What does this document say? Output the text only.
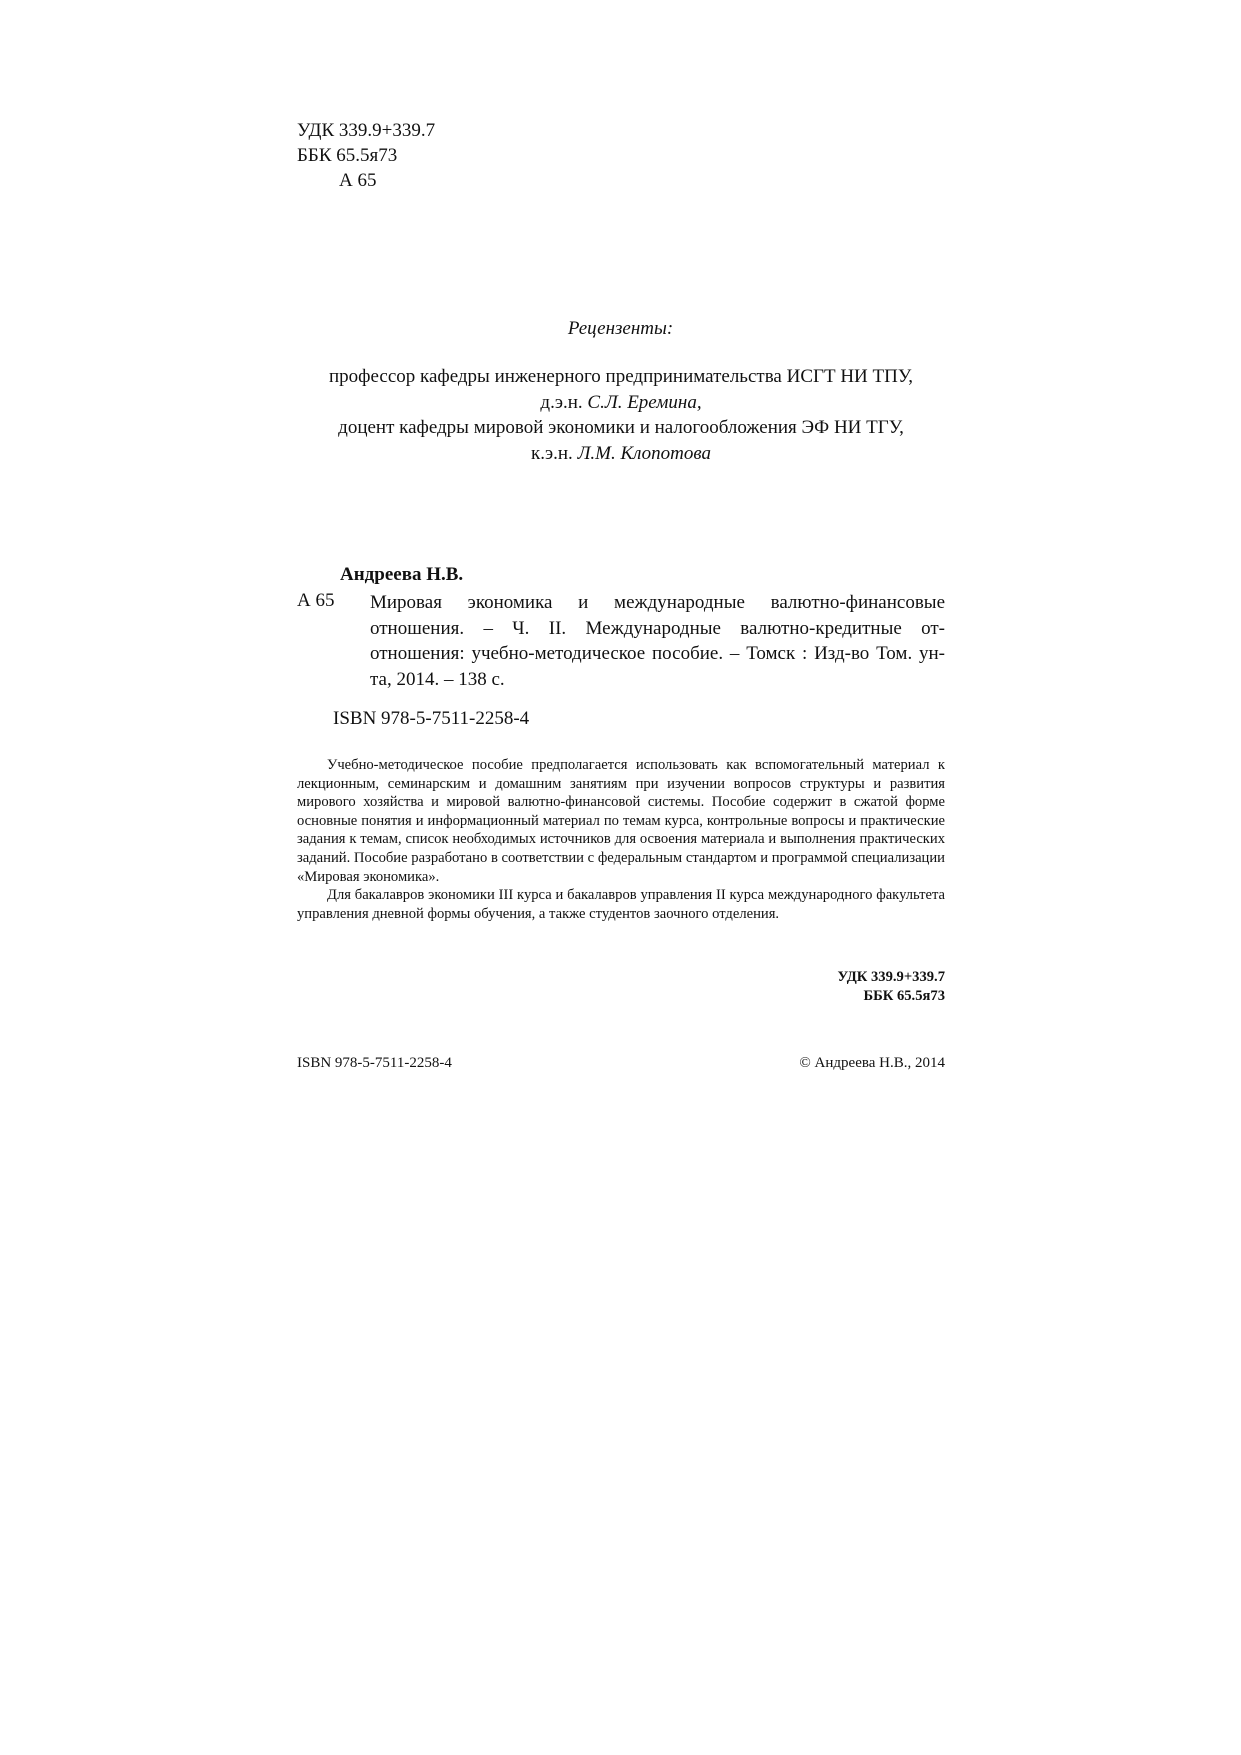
УДК 339.9+339.7
ББК 65.5я73
А 65
Рецензенты:
профессор кафедры инженерного предпринимательства ИСГТ НИ ТПУ,
д.э.н. С.Л. Еремина,
доцент кафедры мировой экономики и налогообложения ЭФ НИ ТГУ,
к.э.н. Л.М. Клопотова
Андреева Н.В.
А 65 Мировая экономика и международные валютно-финансовые отношения. – Ч. II. Международные валютно-кредитные от-отношения: учебно-методическое пособие. – Томск : Изд-во Том. ун-та, 2014. – 138 с.
ISBN 978-5-7511-2258-4

Учебно-методическое пособие предполагается использовать как вспомогательный материал к лекционным, семинарским и домашним занятиям при изучении вопросов структуры и развития мирового хозяйства и мировой валютно-финансовой системы. Пособие содержит в сжатой форме основные понятия и информационный материал по темам курса, контрольные вопросы и практические задания к темам, список необходимых источников для освоения материала и выполнения практических заданий. Пособие разработано в соответствии с федеральным стандартом и программой специализации «Мировая экономика».

Для бакалавров экономики III курса и бакалавров управления II курса международного факультета управления дневной формы обучения, а также студентов заочного отделения.

УДК 339.9+339.7
ББК 65.5я73
ISBN 978-5-7511-2258-4	© Андреева Н.В., 2014
